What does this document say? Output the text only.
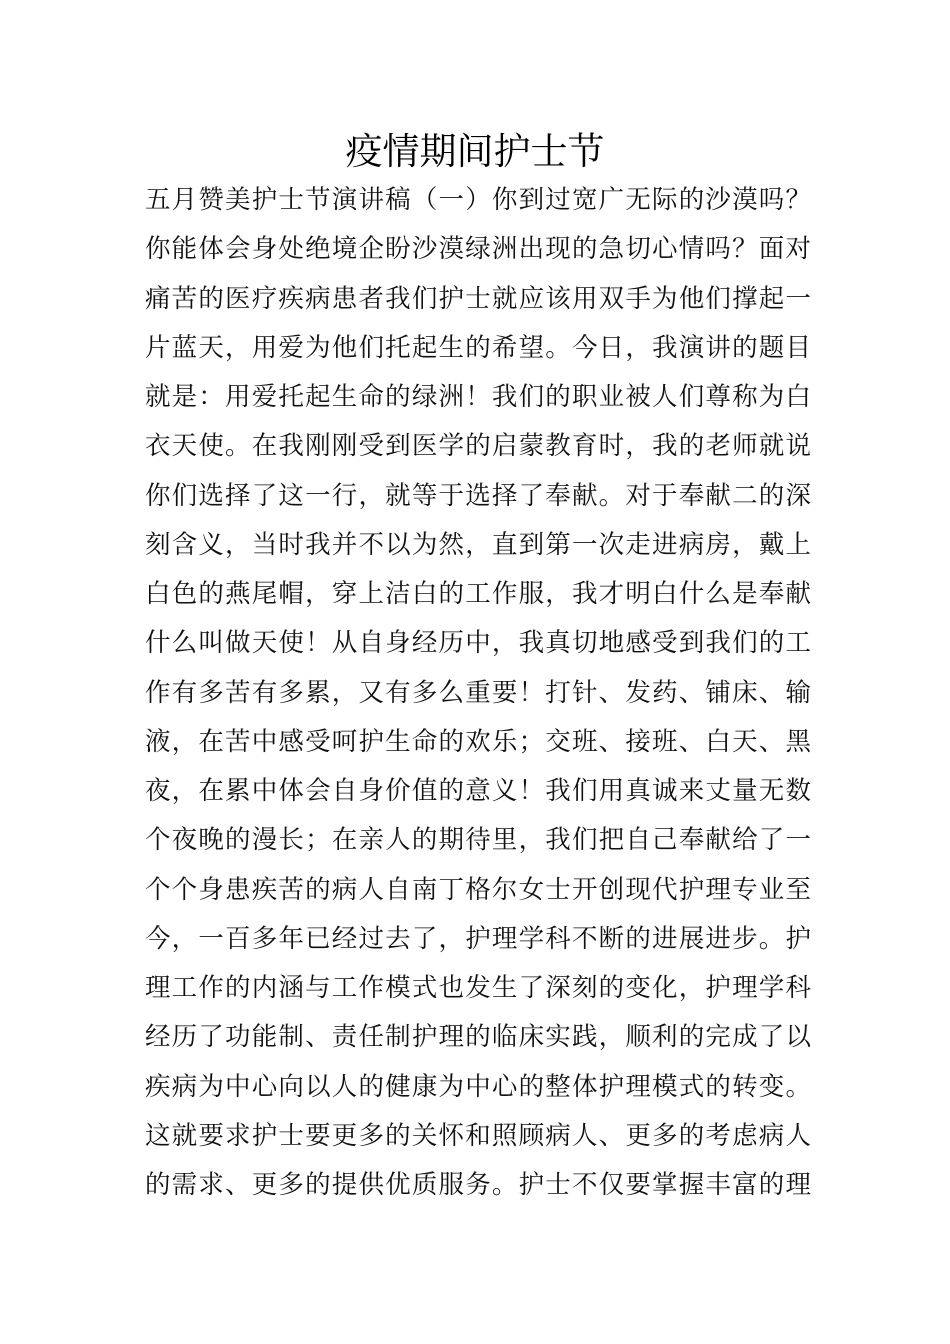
疫情期间护士节
五月赞美护士节演讲稿（一）你到过宽广无际的沙漠吗？
你能体会身处绝境企盼沙漠绿洲出现的急切心情吗？面对
痛苦的医疗疾病患者我们护士就应该用双手为他们撑起一
片蓝天，用爱为他们托起生的希望。今日，我演讲的题目
就是：用爱托起生命的绿洲！我们的职业被人们尊称为白
衣天使。在我刚刚受到医学的启蒙教育时，我的老师就说
你们选择了这一行，就等于选择了奉献。对于奉献二的深
刻含义，当时我并不以为然，直到第一次走进病房，戴上
白色的燕尾帽，穿上洁白的工作服，我才明白什么是奉献
什么叫做天使！从自身经历中，我真切地感受到我们的工
作有多苦有多累，又有多么重要！打针、发药、铺床、输
液，在苦中感受呵护生命的欢乐；交班、接班、白天、黑
夜，在累中体会自身价值的意义！我们用真诚来丈量无数
个夜晚的漫长；在亲人的期待里，我们把自己奉献给了一
个个身患疾苦的病人自南丁格尔女士开创现代护理专业至
今，一百多年已经过去了，护理学科不断的进展进步。护
理工作的内涵与工作模式也发生了深刻的变化，护理学科
经历了功能制、责任制护理的临床实践，顺利的完成了以
疾病为中心向以人的健康为中心的整体护理模式的转变。
这就要求护士要更多的关怀和照顾病人、更多的考虑病人
的需求、更多的提供优质服务。护士不仅要掌握丰富的理
